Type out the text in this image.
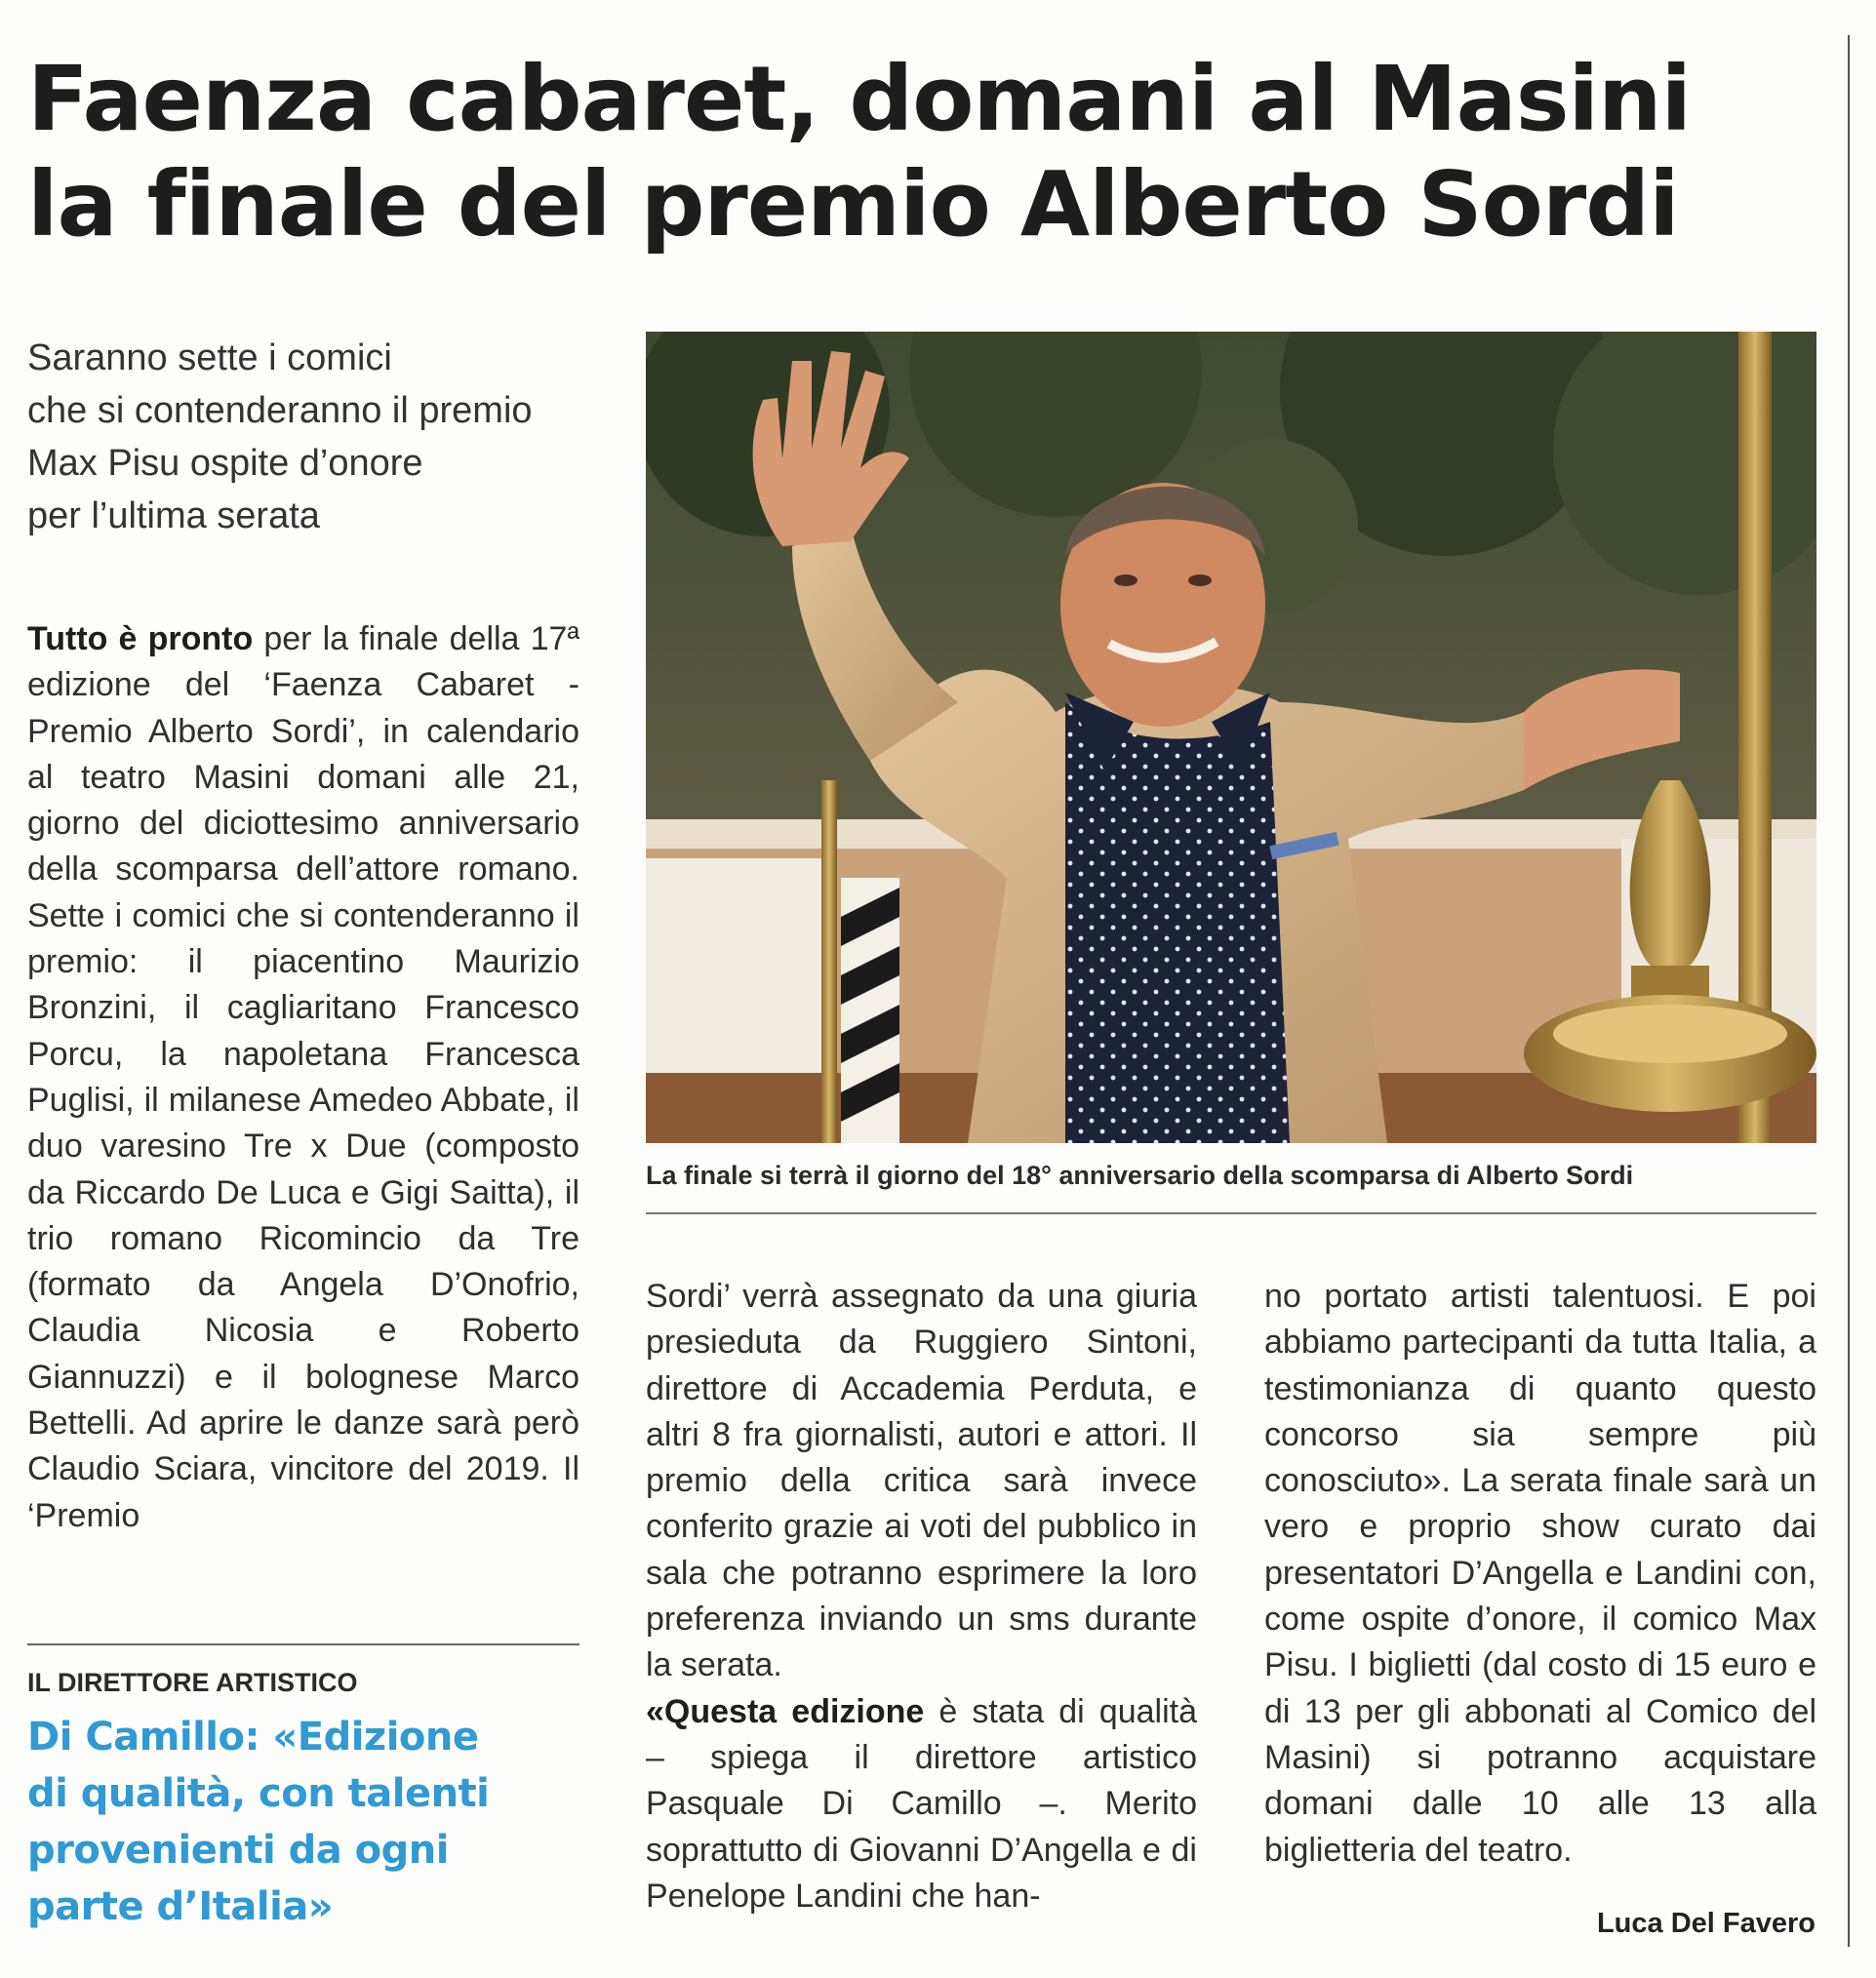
Faenza cabaret, domani al Masini
la finale del premio Alberto Sordi
Saranno sette i comici
che si contenderanno il premio
Max Pisu ospite d’onore
per l’ultima serata
Tutto è pronto per la finale della 17ª edizione del ‘Faenza Cabaret - Premio Alberto Sordi’, in calendario al teatro Masini domani alle 21, giorno del diciottesimo anniversario della scomparsa dell’attore romano. Sette i comici che si contenderanno il premio: il piacentino Maurizio Bronzini, il cagliaritano Francesco Porcu, la napoletana Francesca Puglisi, il milanese Amedeo Abbate, il duo varesino Tre x Due (composto da Riccardo De Luca e Gigi Saitta), il trio romano Ricomincio da Tre (formato da Angela D’Onofrio, Claudia Nicosia e Roberto Giannuzzi) e il bolognese Marco Bettelli. Ad aprire le danze sarà però Claudio Sciara, vincitore del 2019. Il ‘Premio
La finale si terrà il giorno del 18° anniversario della scomparsa di Alberto Sordi
IL DIRETTORE ARTISTICO
Di Camillo: «Edizione
di qualità, con talenti
provenienti da ogni
parte d’Italia»
Sordi’ verrà assegnato da una giuria presieduta da Ruggiero Sintoni, direttore di Accademia Perduta, e altri 8 fra giornalisti, autori e attori. Il premio della critica sarà invece conferito grazie ai voti del pubblico in sala che potranno esprimere la loro preferenza inviando un sms durante la serata.
«Questa edizione è stata di qualità – spiega il direttore artistico Pasquale Di Camillo –. Merito soprattutto di Giovanni D’Angella e di Penelope Landini che han-
no portato artisti talentuosi. E poi abbiamo partecipanti da tutta Italia, a testimonianza di quanto questo concorso sia sempre più conosciuto». La serata finale sarà un vero e proprio show curato dai presentatori D’Angella e Landini con, come ospite d’onore, il comico Max Pisu. I biglietti (dal costo di 15 euro e di 13 per gli abbonati al Comico del Masini) si potranno acquistare domani dalle 10 alle 13 alla biglietteria del teatro.
Luca Del Favero
